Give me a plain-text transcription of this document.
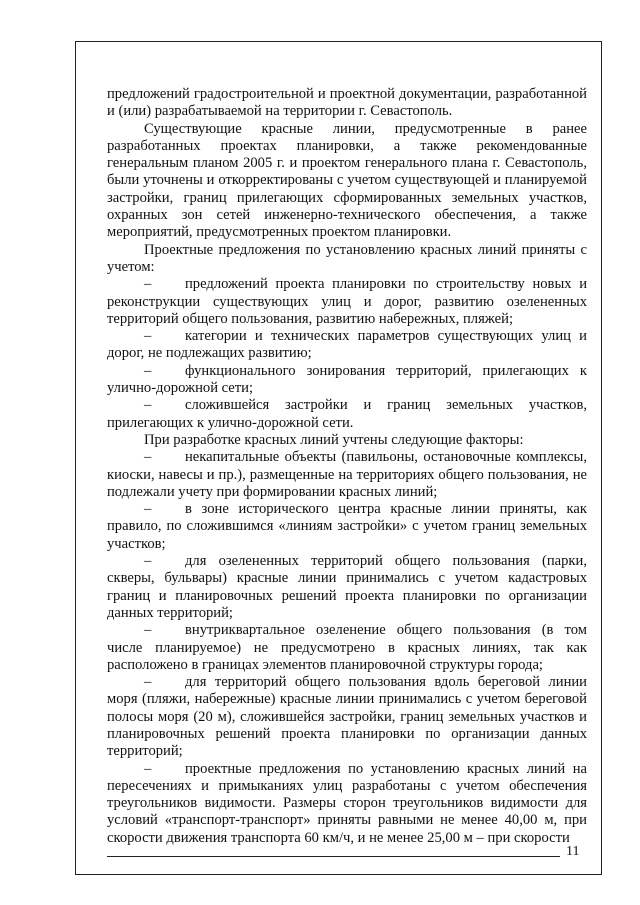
предложений градостроительной и проектной документации, разработанной и (или) разрабатываемой на территории г. Севастополь.

Существующие красные линии, предусмотренные в ранее разработанных проектах планировки, а также рекомендованные генеральным планом 2005 г. и проектом генерального плана г. Севастополь, были уточнены и откорректированы с учетом существующей и планируемой застройки, границ прилегающих сформированных земельных участков, охранных зон сетей инженерно-технического обеспечения, а также мероприятий, предусмотренных проектом планировки.

Проектные предложения по установлению красных линий приняты с учетом:

– предложений проекта планировки по строительству новых и реконструкции существующих улиц и дорог, развитию озелененных территорий общего пользования, развитию набережных, пляжей;

– категории и технических параметров существующих улиц и дорог, не подлежащих развитию;

– функционального зонирования территорий, прилегающих к улично-дорожной сети;

– сложившейся застройки и границ земельных участков, прилегающих к улично-дорожной сети.

При разработке красных линий учтены следующие факторы:

– некапитальные объекты (павильоны, остановочные комплексы, киоски, навесы и пр.), размещенные на территориях общего пользования, не подлежали учету при формировании красных линий;

– в зоне исторического центра красные линии приняты, как правило, по сложившимся «линиям застройки» с учетом границ земельных участков;

– для озелененных территорий общего пользования (парки, скверы, бульвары) красные линии принимались с учетом кадастровых границ и планировочных решений проекта планировки по организации данных территорий;

– внутриквартальное озеленение общего пользования (в том числе планируемое) не предусмотрено в красных линиях, так как расположено в границах элементов планировочной структуры города;

– для территорий общего пользования вдоль береговой линии моря (пляжи, набережные) красные линии принимались с учетом береговой полосы моря (20 м), сложившейся застройки, границ земельных участков и планировочных решений проекта планировки по организации данных территорий;

– проектные предложения по установлению красных линий на пересечениях и примыканиях улиц разработаны с учетом обеспечения треугольников видимости. Размеры сторон треугольников видимости для условий «транспорт-транспорт» приняты равными не менее 40,00 м, при скорости движения транспорта 60 км/ч, и не менее 25,00 м – при скорости

11
